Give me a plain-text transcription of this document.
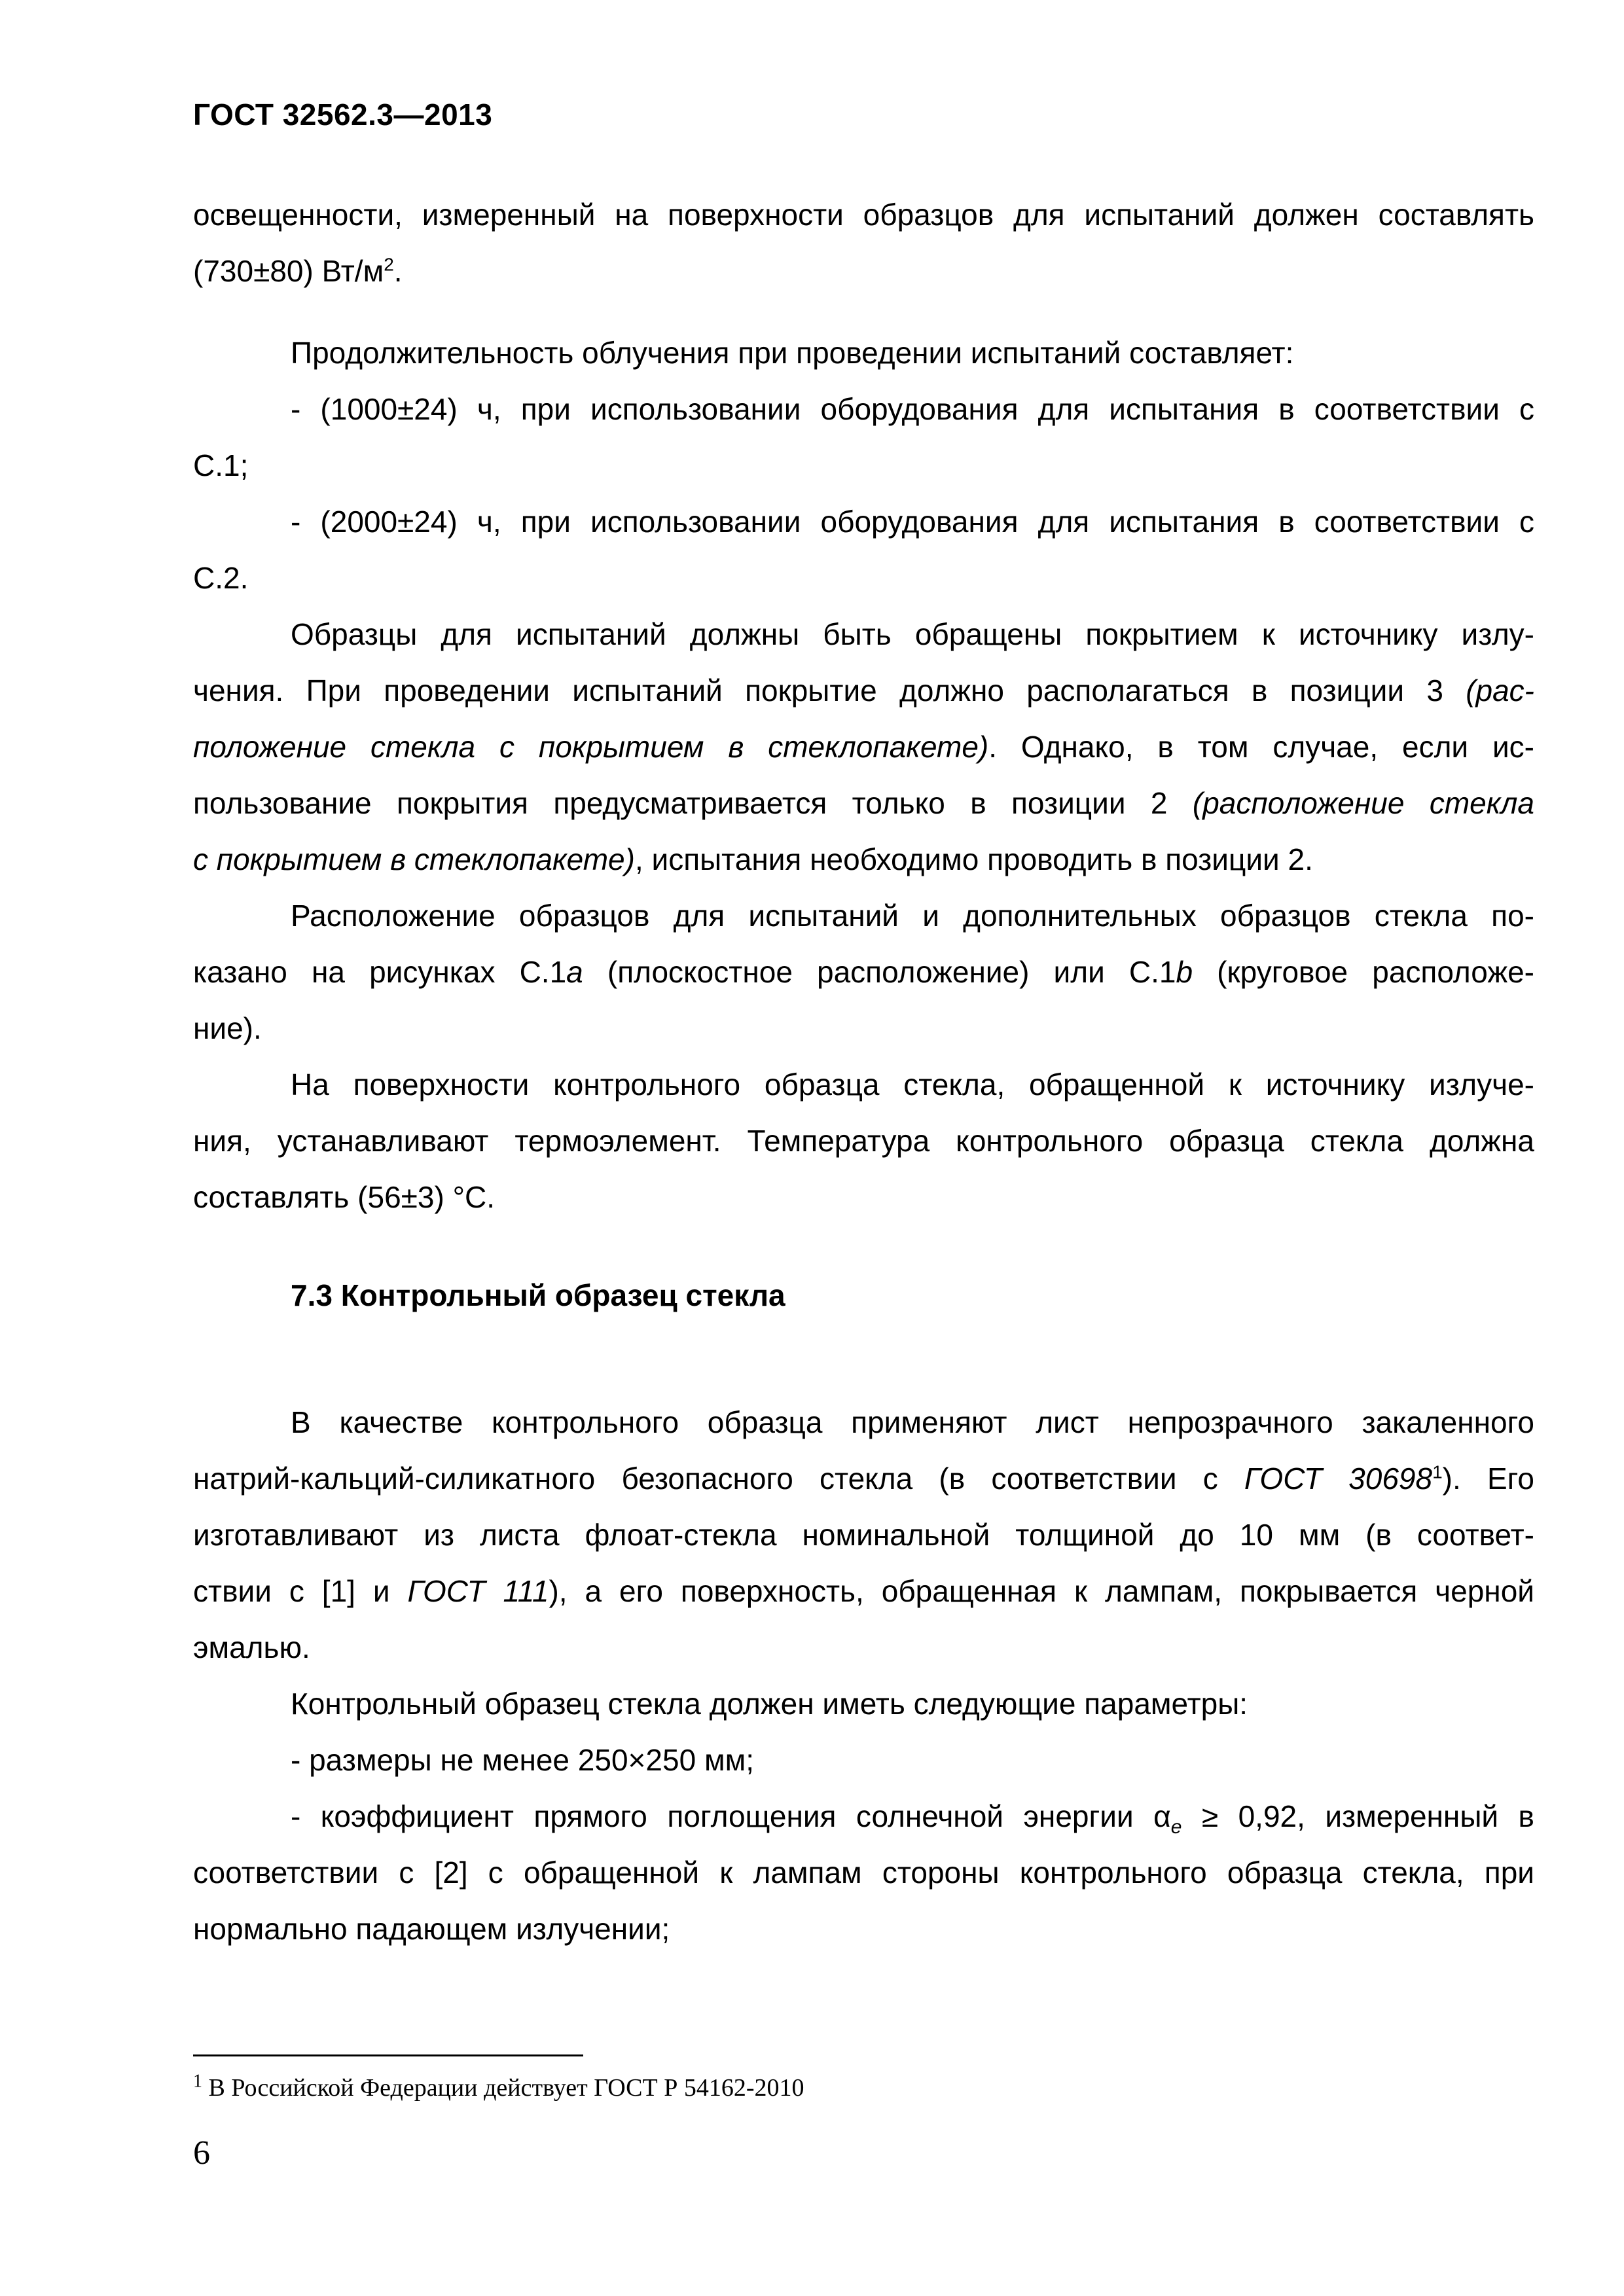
ГОСТ 32562.3—2013
освещенности, измеренный на поверхности образцов для испытаний должен составлять
(730±80) $Вт/м^2$.
Продолжительность облучения при проведении испытаний составляет:
- (1000±24) ч, при использовании оборудования для испытания в соответствии с
С.1;
- (2000±24) ч, при использовании оборудования для испытания в соответствии с
С.2.
Образцы для испытаний должны быть обращены покрытием к источнику излу-
чения. При проведении испытаний покрытие должно располагаться в позиции 3 (рас-
положение стекла с покрытием в стеклопакете). Однако, в том случае, если ис-
пользование покрытия предусматривается только в позиции 2 (расположение стекла
с покрытием в стеклопакете), испытания необходимо проводить в позиции 2.
Расположение образцов для испытаний и дополнительных образцов стекла по-
казано на рисунках С.1a (плоскостное расположение) или С.1b (круговое расположе-
ние).
На поверхности контрольного образца стекла, обращенной к источнику излуче-
ния, устанавливают термоэлемент. Температура контрольного образца стекла должна
составлять (56±3) °С.
7.3 Контрольный образец стекла
В качестве контрольного образца применяют лист непрозрачного закаленного
натрий-кальций-силикатного безопасного стекла (в соответствии с ГОСТ 30698$^1$). Его
изготавливают из листа флоат-стекла номинальной толщиной до 10 мм (в соответ-
ствии с [1] и ГОСТ 111), а его поверхность, обращенная к лампам, покрывается черной
эмалью.
Контрольный образец стекла должен иметь следующие параметры:
- размеры не менее 250×250 мм;
- коэффициент прямого поглощения солнечной энергии $\alpha_e \ge 0,92$, измеренный в
соответствии с [2] с обращенной к лампам стороны контрольного образца стекла, при
нормально падающем излучении;
$^1$ В Российской Федерации действует ГОСТ Р 54162-2010
6
